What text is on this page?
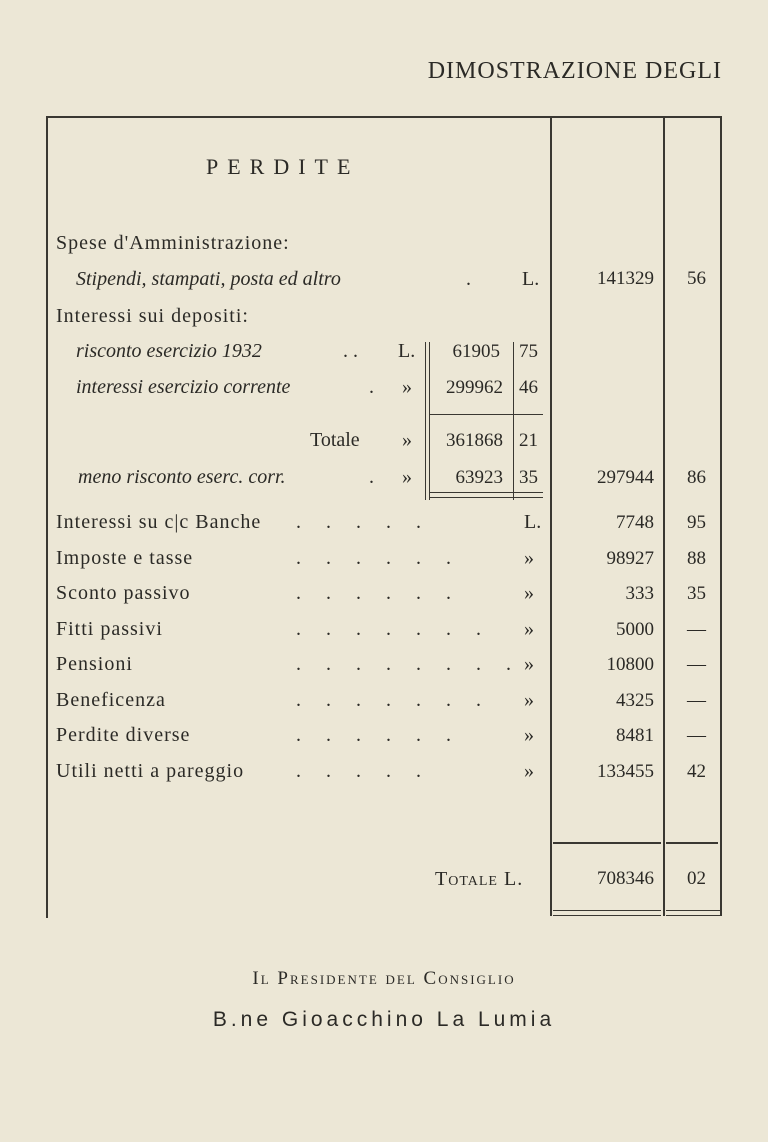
DIMOSTRAZIONE DEGLI
PERDITE
Spese d'Amministrazione:
Stipendi, stampati, posta ed altro	.	L.	141329 56
Interessi sui depositi:
risconto esercizio 1932	. . L. 61905 75
interessi esercizio corrente	. » 299962 46
Totale » 361868 21
meno risconto eserc. corr.	. » 63923 35	297944 86
Interessi su c|c Banche . . . . .	L.	7748 95
Imposte e tasse	. . . . . .	»	98927 88
Sconto passivo	. . . . . .	»	333 35
Fitti passivi	. . . . . . . »	5000 —
Pensioni	. . . . . . . . »	10800 —
Beneficenza	. . . . . . . »	4325 —
Perdite diverse	. . . . . .	»	8481 —
Utili netti a pareggio	. . . . .	»	133455 42
Totale L.	708346 02
Il Presidente del Consiglio
B.ne Gioacchino La Lumia
